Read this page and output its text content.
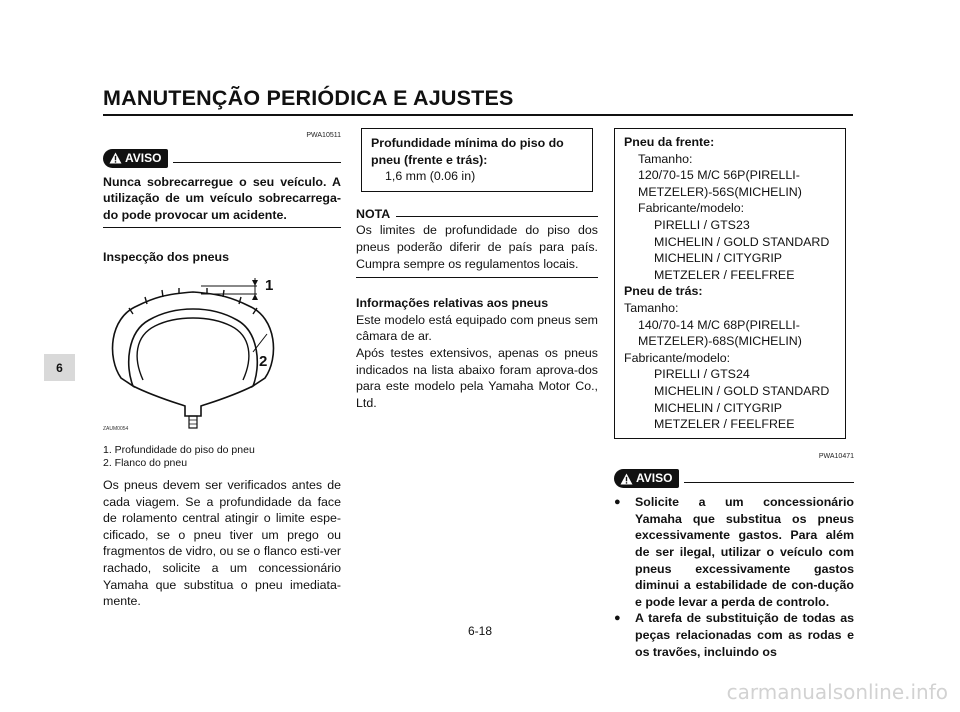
MANUTENÇÃO PERIÓDICA E AJUSTES
6
PWA10511
AVISO
Nunca sobrecarregue o seu veículo. A utilização de um veículo sobrecarrega-do pode provocar um acidente.
Inspecção dos pneus
1
2
ZAUM0054
1. Profundidade do piso do pneu
2. Flanco do pneu
Os pneus devem ser verificados antes de cada viagem. Se a profundidade da face de rolamento central atingir o limite espe-cificado, se o pneu tiver um prego ou fragmentos de vidro, ou se o flanco esti-ver rachado, solicite a um concessionário Yamaha que substitua o pneu imediata-mente.
Profundidade mínima do piso do pneu (frente e trás):
1,6 mm (0.06 in)
NOTA
Os limites de profundidade do piso dos pneus poderão diferir de país para país. Cumpra sempre os regulamentos locais.
Informações relativas aos pneus
Este modelo está equipado com pneus sem câmara de ar.
Após testes extensivos, apenas os pneus indicados na lista abaixo foram aprova-dos para este modelo pela Yamaha Motor Co., Ltd.
Pneu da frente:
Tamanho:
120/70-15 M/C 56P(PIRELLI-
METZELER)-56S(MICHELIN)
Fabricante/modelo:
PIRELLI / GTS23
MICHELIN / GOLD STANDARD
MICHELIN / CITYGRIP
METZELER / FEELFREE
Pneu de trás:
Tamanho:
140/70-14 M/C 68P(PIRELLI-
METZELER)-68S(MICHELIN)
Fabricante/modelo:
PIRELLI / GTS24
MICHELIN / GOLD STANDARD
MICHELIN / CITYGRIP
METZELER / FEELFREE
PWA10471
AVISO
●	Solicite a um concessionário Yamaha que substitua os pneus excessivamente gastos. Para além de ser ilegal, utilizar o veículo com pneus excessivamente gastos diminui a estabilidade de con-dução e pode levar a perda de controlo.
●	A tarefa de substituição de todas as peças relacionadas com as rodas e os travões, incluindo os
6-18
carmanualsonline.info
